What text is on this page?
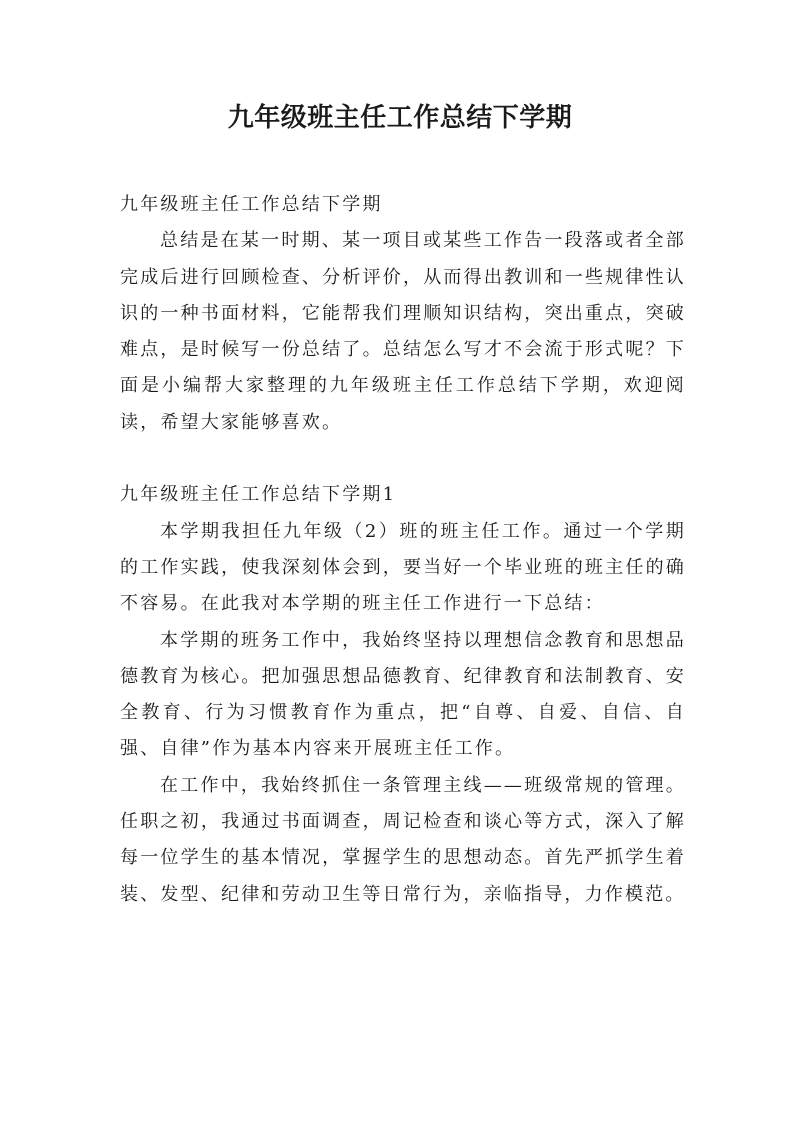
九年级班主任工作总结下学期

九年级班主任工作总结下学期

总结是在某一时期、某一项目或某些工作告一段落或者全部完成后进行回顾检查、分析评价，从而得出教训和一些规律性认识的一种书面材料，它能帮我们理顺知识结构，突出重点，突破难点，是时候写一份总结了。总结怎么写才不会流于形式呢？下面是小编帮大家整理的九年级班主任工作总结下学期，欢迎阅读，希望大家能够喜欢。

九年级班主任工作总结下学期1

本学期我担任九年级（2）班的班主任工作。通过一个学期的工作实践，使我深刻体会到，要当好一个毕业班的班主任的确不容易。在此我对本学期的班主任工作进行一下总结：

本学期的班务工作中，我始终坚持以理想信念教育和思想品德教育为核心。把加强思想品德教育、纪律教育和法制教育、安全教育、行为习惯教育作为重点，把“自尊、自爱、自信、自强、自律”作为基本内容来开展班主任工作。

在工作中，我始终抓住一条管理主线——班级常规的管理。任职之初，我通过书面调查，周记检查和谈心等方式，深入了解每一位学生的基本情况，掌握学生的思想动态。首先严抓学生着装、发型、纪律和劳动卫生等日常行为，亲临指导，力作模范。
